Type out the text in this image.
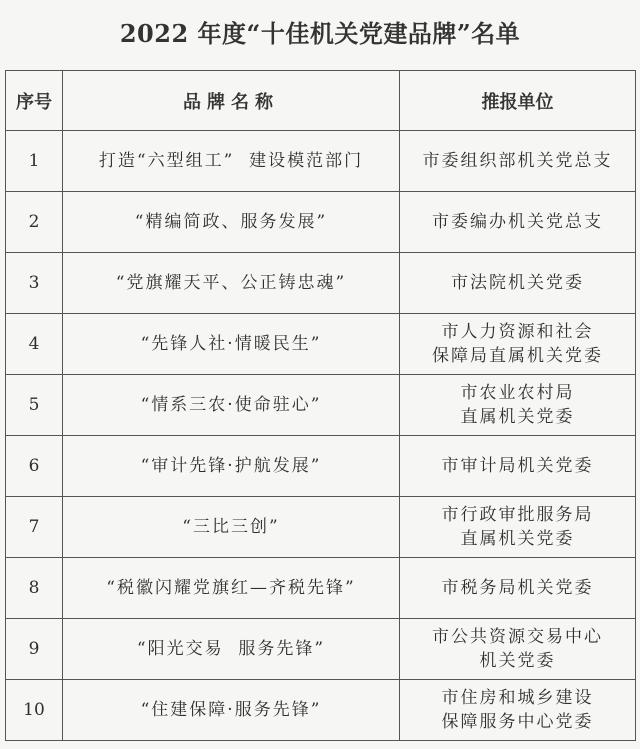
2022 年度“十佳机关党建品牌”名单
序号	品牌名称	推报单位
1	打造“六型组工”  建设模范部门	市委组织部机关党总支
2	“精编简政、服务发展”	市委编办机关党总支
3	“党旗耀天平、公正铸忠魂”	市法院机关党委
4	“先锋人社·情暖民生”	市人力资源和社会
保障局直属机关党委
5	“情系三农·使命驻心”	市农业农村局
直属机关党委
6	“审计先锋·护航发展”	市审计局机关党委
7	“三比三创”	市行政审批服务局
直属机关党委
8	“税徽闪耀党旗红—齐税先锋”	市税务局机关党委
9	“阳光交易  服务先锋”	市公共资源交易中心
机关党委
10	“住建保障·服务先锋”	市住房和城乡建设
保障服务中心党委
